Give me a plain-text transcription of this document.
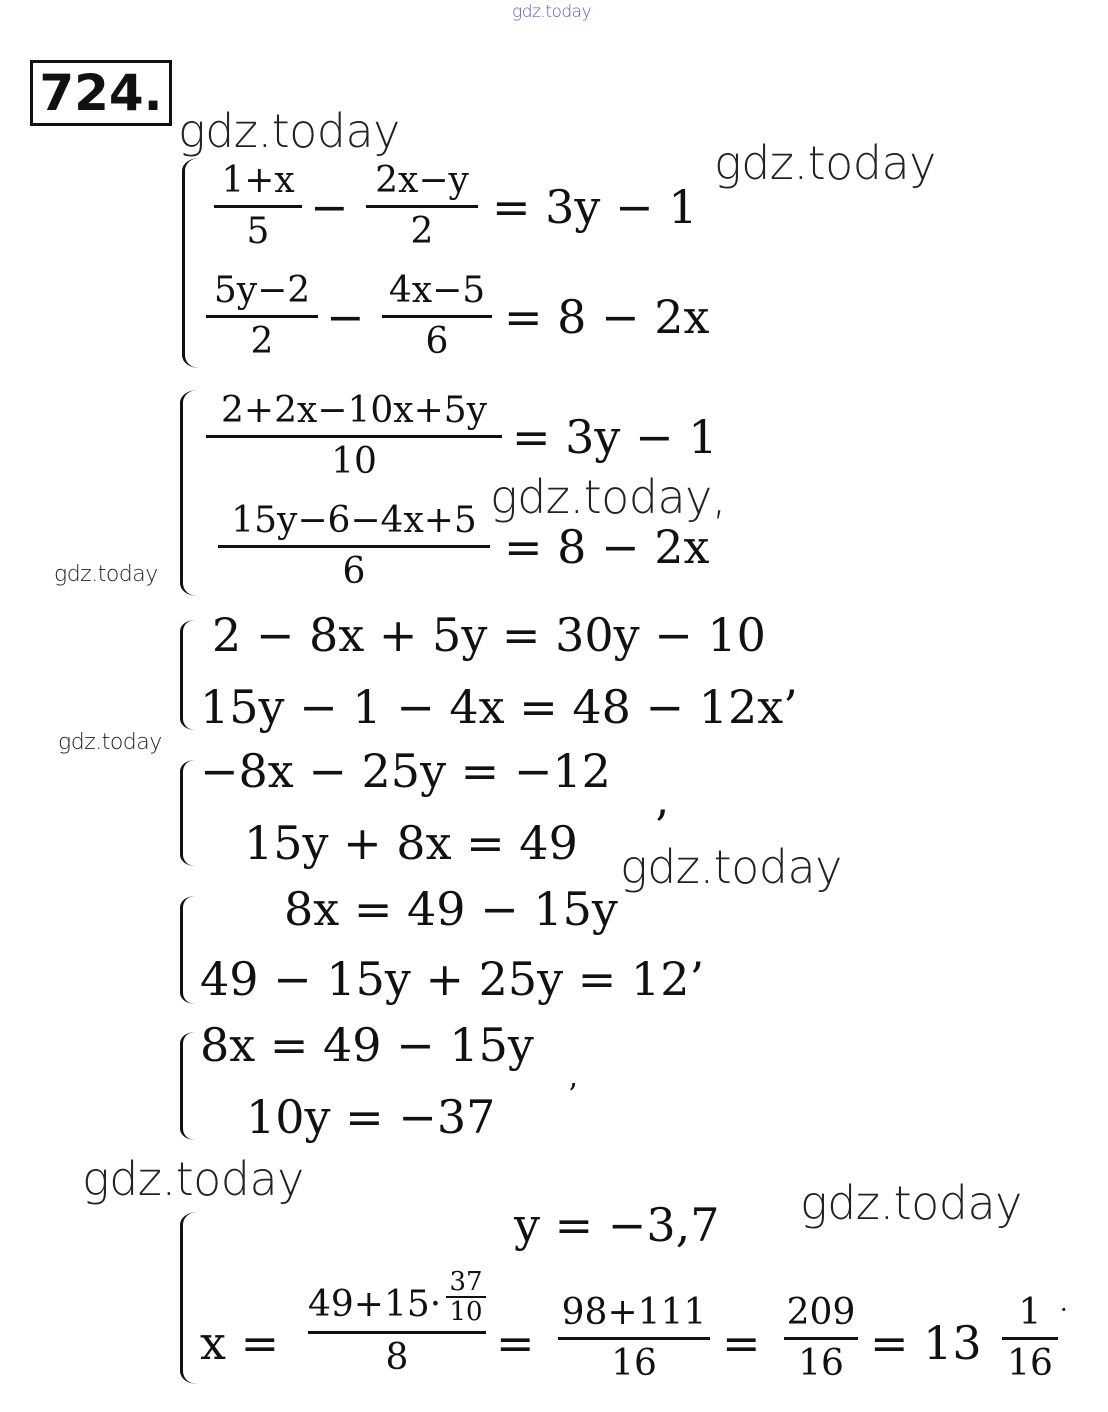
gdz.today
gdz.today
gdz.today
gdz.today,
gdz.today
gdz.today
gdz.today
gdz.today	gdz.today
724.
1+x
5 − 2x−y
2	= 3y − 1
5y−2
2	− 4x−5
6	= 8 − 2x
2+2x−10x+5y
10	= 3y − 1
15y−6−4x+5
6	= 8 − 2x
2 − 8x + 5y = 30y − 10
15y − 1 − 4x = 48 − 12x’
−8x − 25y = −12
15y + 8x = 49 ’
8x = 49 − 15y
49 − 15y + 25y = 12’
8x = 49 − 15y
10y = −37 ’
y = −3,7
x =
$49+15\cdot \frac{37}{10}$
8	=
98+111
16	=
209
16 = 13
1
16
·
